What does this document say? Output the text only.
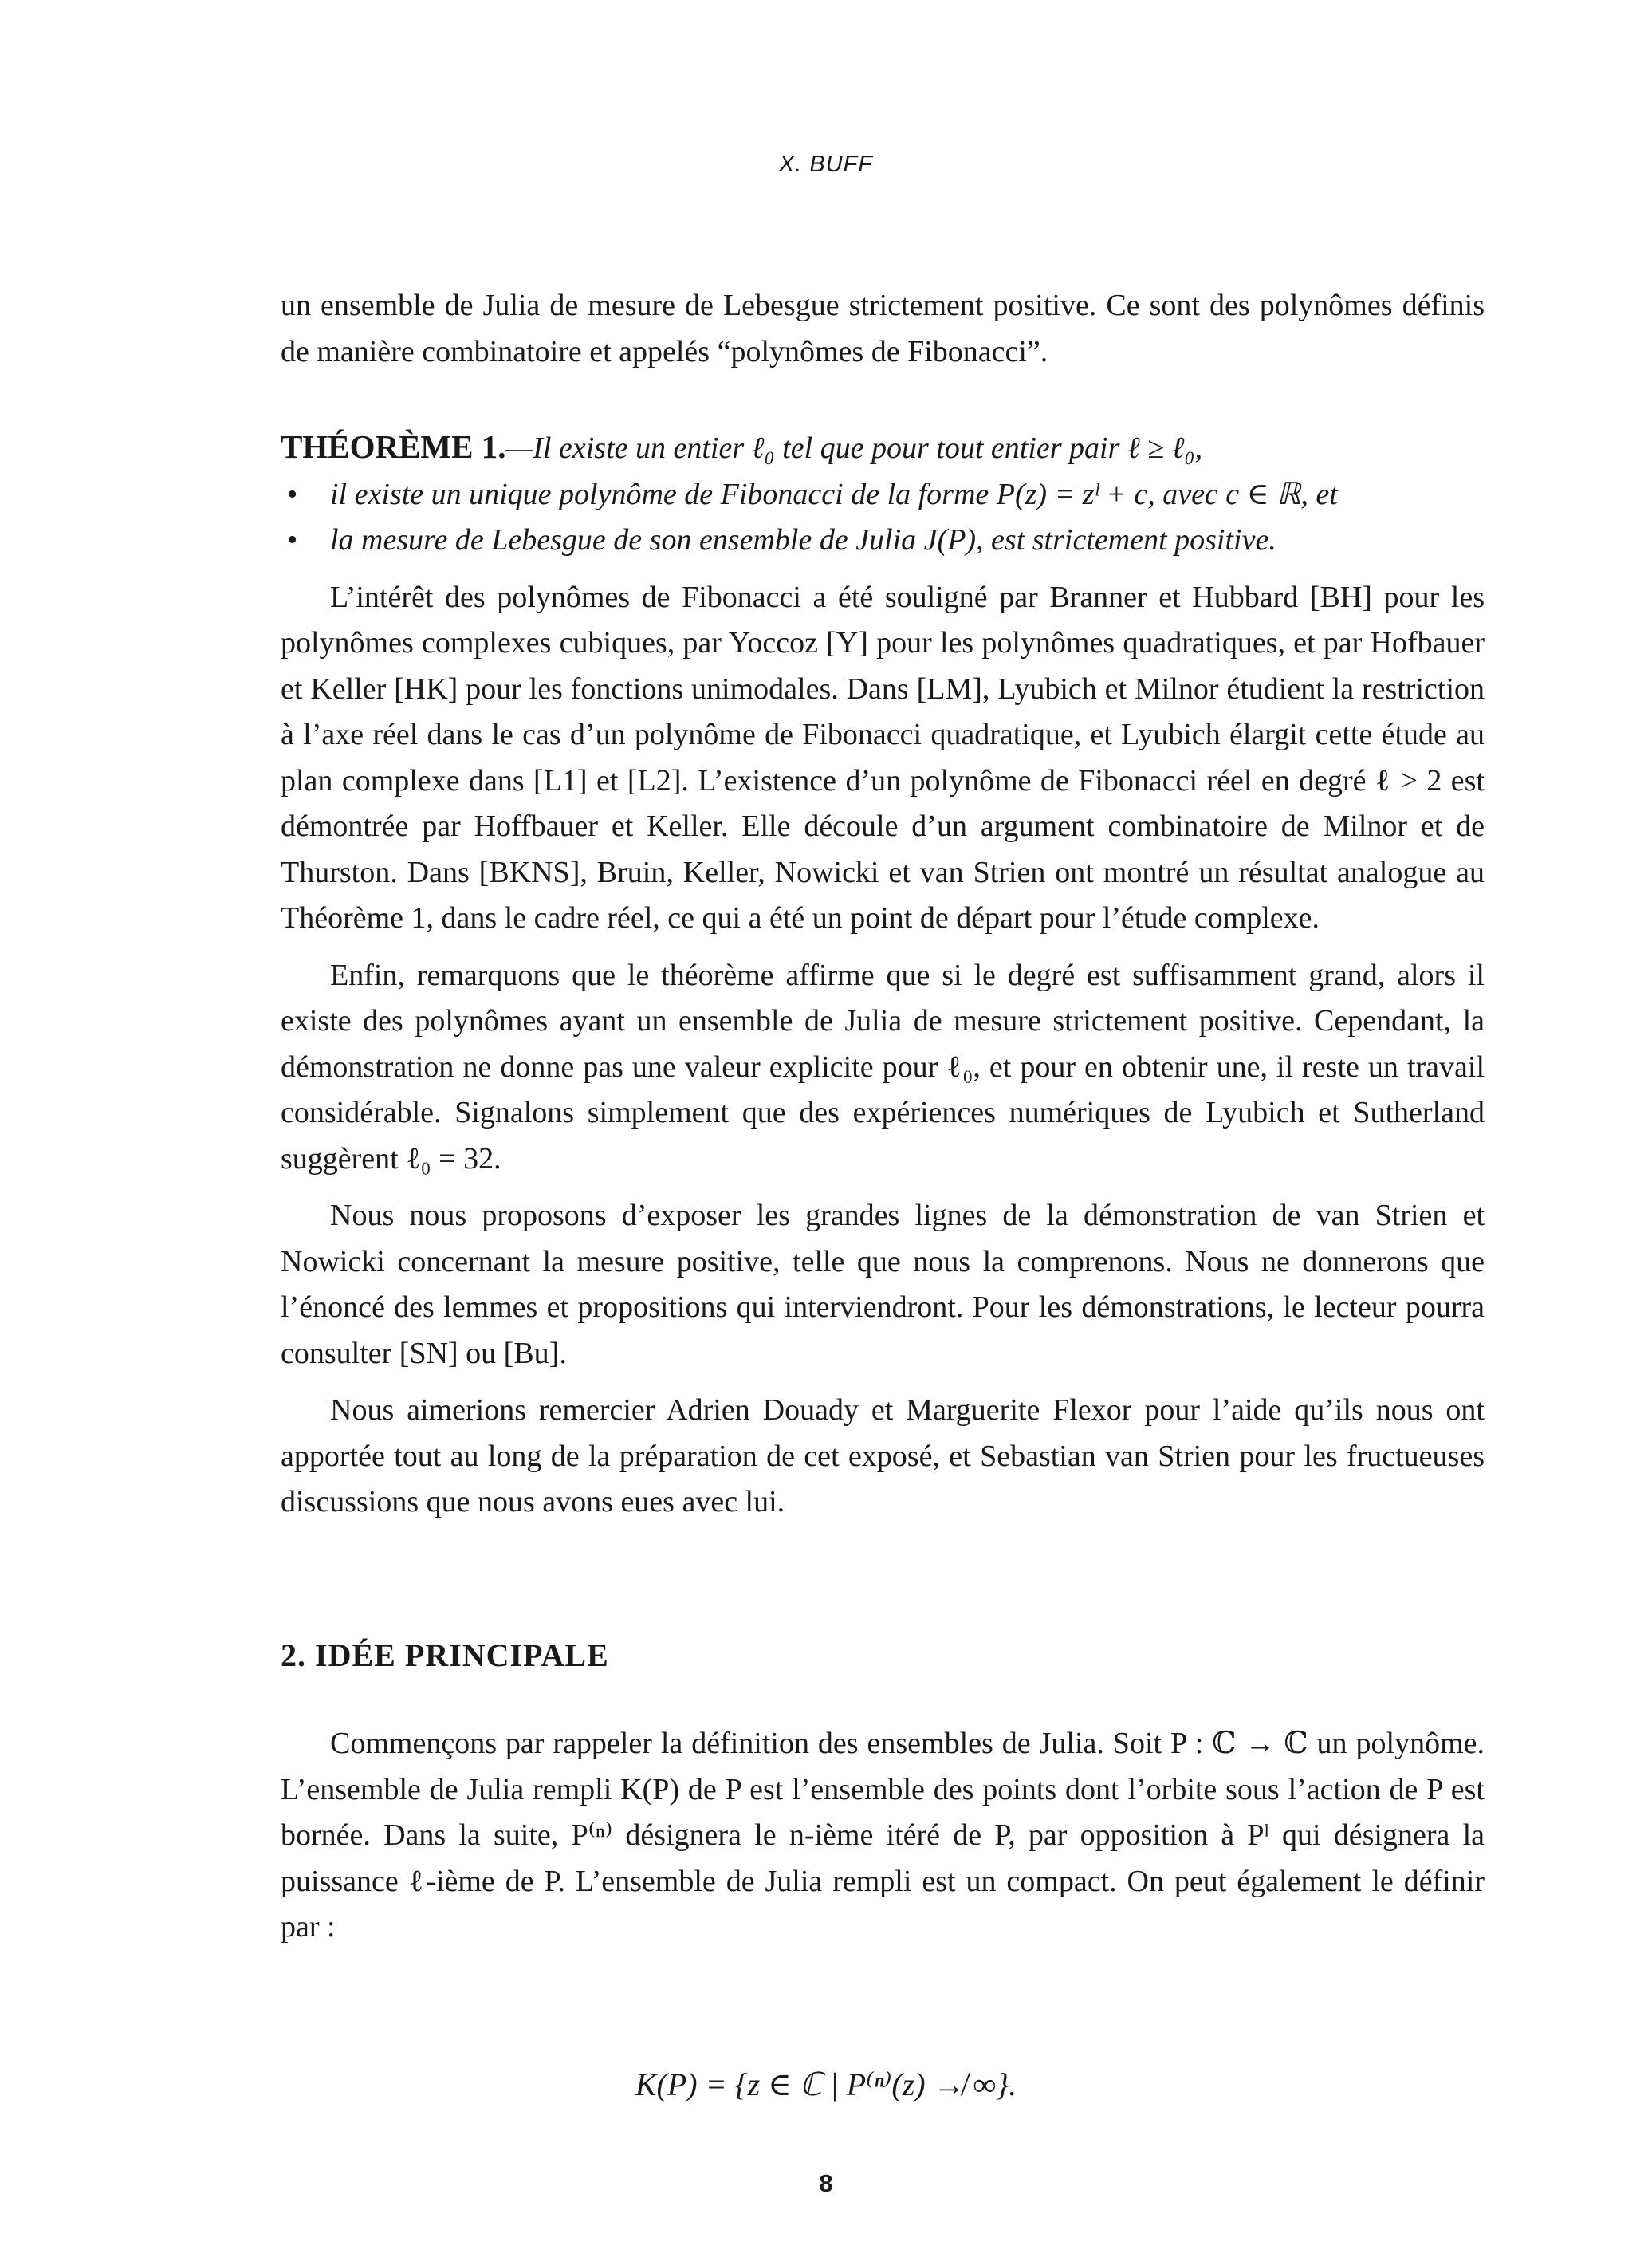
X. BUFF

un ensemble de Julia de mesure de Lebesgue strictement positive. Ce sont des polynômes définis de manière combinatoire et appelés “polynômes de Fibonacci”.

THÉORÈME 1.—Il existe un entier ℓ₀ tel que pour tout entier pair ℓ ≥ ℓ₀,

• il existe un unique polynôme de Fibonacci de la forme P(z) = zˡ + c, avec c ∈ ℝ, et
• la mesure de Lebesgue de son ensemble de Julia J(P), est strictement positive.

L’intérêt des polynômes de Fibonacci a été souligné par Branner et Hubbard [BH] pour les polynômes complexes cubiques, par Yoccoz [Y] pour les polynômes quadratiques, et par Hofbauer et Keller [HK] pour les fonctions unimodales. Dans [LM], Lyubich et Milnor étudient la restriction à l’axe réel dans le cas d’un polynôme de Fibonacci quadratique, et Lyubich élargit cette étude au plan complexe dans [L1] et [L2]. L’existence d’un polynôme de Fibonacci réel en degré ℓ > 2 est démontrée par Hoffbauer et Keller. Elle découle d’un argument combinatoire de Milnor et de Thurston. Dans [BKNS], Bruin, Keller, Nowicki et van Strien ont montré un résultat analogue au Théorème 1, dans le cadre réel, ce qui a été un point de départ pour l’étude complexe.

Enfin, remarquons que le théorème affirme que si le degré est suffisamment grand, alors il existe des polynômes ayant un ensemble de Julia de mesure strictement positive. Cependant, la démonstration ne donne pas une valeur explicite pour ℓ₀, et pour en obtenir une, il reste un travail considérable. Signalons simplement que des expériences numériques de Lyubich et Sutherland suggèrent ℓ₀ = 32.

Nous nous proposons d’exposer les grandes lignes de la démonstration de van Strien et Nowicki concernant la mesure positive, telle que nous la comprenons. Nous ne donnerons que l’énoncé des lemmes et propositions qui interviendront. Pour les démonstrations, le lecteur pourra consulter [SN] ou [Bu].

Nous aimerions remercier Adrien Douady et Marguerite Flexor pour l’aide qu’ils nous ont apportée tout au long de la préparation de cet exposé, et Sebastian van Strien pour les fructueuses discussions que nous avons eues avec lui.

2. IDÉE PRINCIPALE

Commençons par rappeler la définition des ensembles de Julia. Soit P : ℂ → ℂ un polynôme. L’ensemble de Julia rempli K(P) de P est l’ensemble des points dont l’orbite sous l’action de P est bornée. Dans la suite, P⁽ⁿ⁾ désignera le n-ième itéré de P, par opposition à Pˡ qui désignera la puissance ℓ-ième de P. L’ensemble de Julia rempli est un compact. On peut également le définir par :

K(P) = {z ∈ ℂ | P⁽ⁿ⁾(z) ↛ ∞}.
8
